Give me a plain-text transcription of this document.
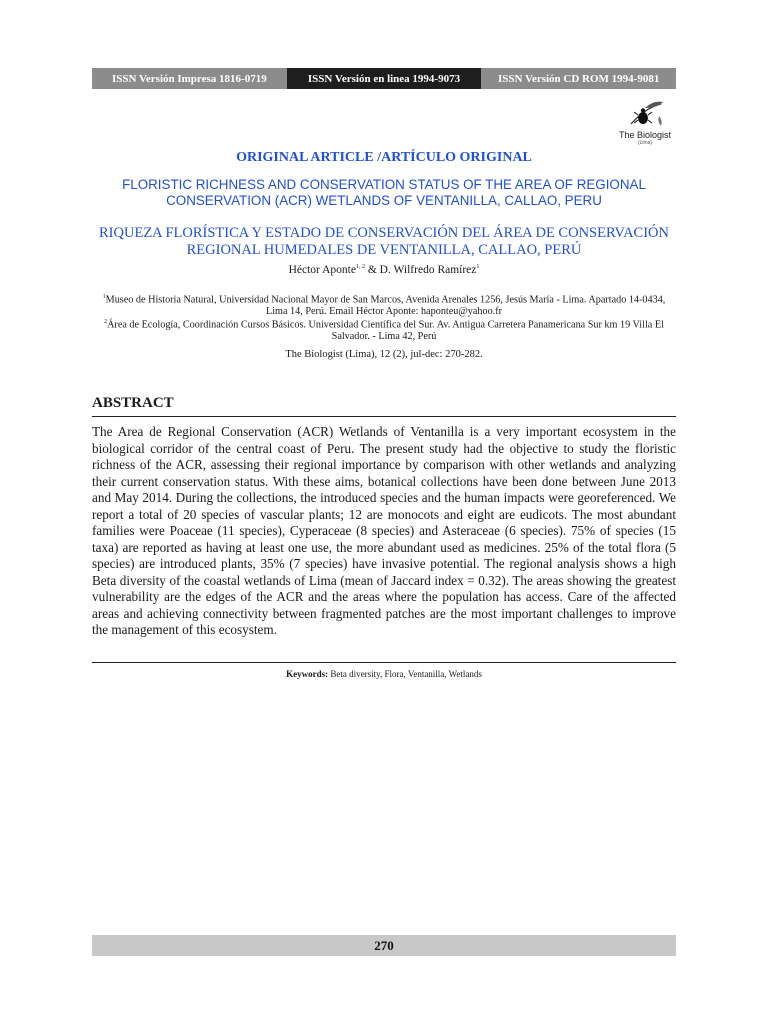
ISSN Versión Impresa 1816-0719	ISSN Versión en linea 1994-9073	ISSN Versión CD ROM 1994-9081
The Biologist
(Lima)
ORIGINAL ARTICLE /ARTÍCULO ORIGINAL
FLORISTIC RICHNESS AND CONSERVATION STATUS OF THE AREA OF REGIONAL CONSERVATION (ACR) WETLANDS OF VENTANILLA, CALLAO, PERU
RIQUEZA FLORÍSTICA Y ESTADO DE CONSERVACIÓN DEL ÁREA DE CONSERVACIÓN REGIONAL HUMEDALES DE VENTANILLA, CALLAO, PERÚ
Héctor Aponte$^{1, 2}$ & D. Wilfredo Ramírez$^1$
$^1$Museo de Historia Natural, Universidad Nacional Mayor de San Marcos, Avenida Arenales 1256, Jesús María - Lima. Apartado 14-0434, Lima 14, Perú. Email Héctor Aponte: haponteu@yahoo.fr
$^2$Área de Ecología, Coordinación Cursos Básicos. Universidad Científica del Sur. Av. Antigua Carretera Panamericana Sur km 19 Villa El Salvador. - Lima 42, Perú
The Biologist (Lima), 12 (2), jul-dec: 270-282.
ABSTRACT
The Area de Regional Conservation (ACR) Wetlands of Ventanilla is a very important ecosystem in the biological corridor of the central coast of Peru. The present study had the objective to study the floristic richness of the ACR, assessing their regional importance by comparison with other wetlands and analyzing their current conservation status. With these aims, botanical collections have been done between June 2013 and May 2014. During the collections, the introduced species and the human impacts were georeferenced. We report a total of 20 species of vascular plants; 12 are monocots and eight are eudicots. The most abundant families were Poaceae (11 species), Cyperaceae (8 species) and Asteraceae (6 species). 75% of species (15 taxa) are reported as having at least one use, the more abundant used as medicines. 25% of the total flora (5 species) are introduced plants, 35% (7 species) have invasive potential. The regional analysis shows a high Beta diversity of the coastal wetlands of Lima (mean of Jaccard index = 0.32). The areas showing the greatest vulnerability are the edges of the ACR and the areas where the population has access. Care of the affected areas and achieving connectivity between fragmented patches are the most important challenges to improve the management of this ecosystem.
Keywords: Beta diversity, Flora, Ventanilla, Wetlands
270
